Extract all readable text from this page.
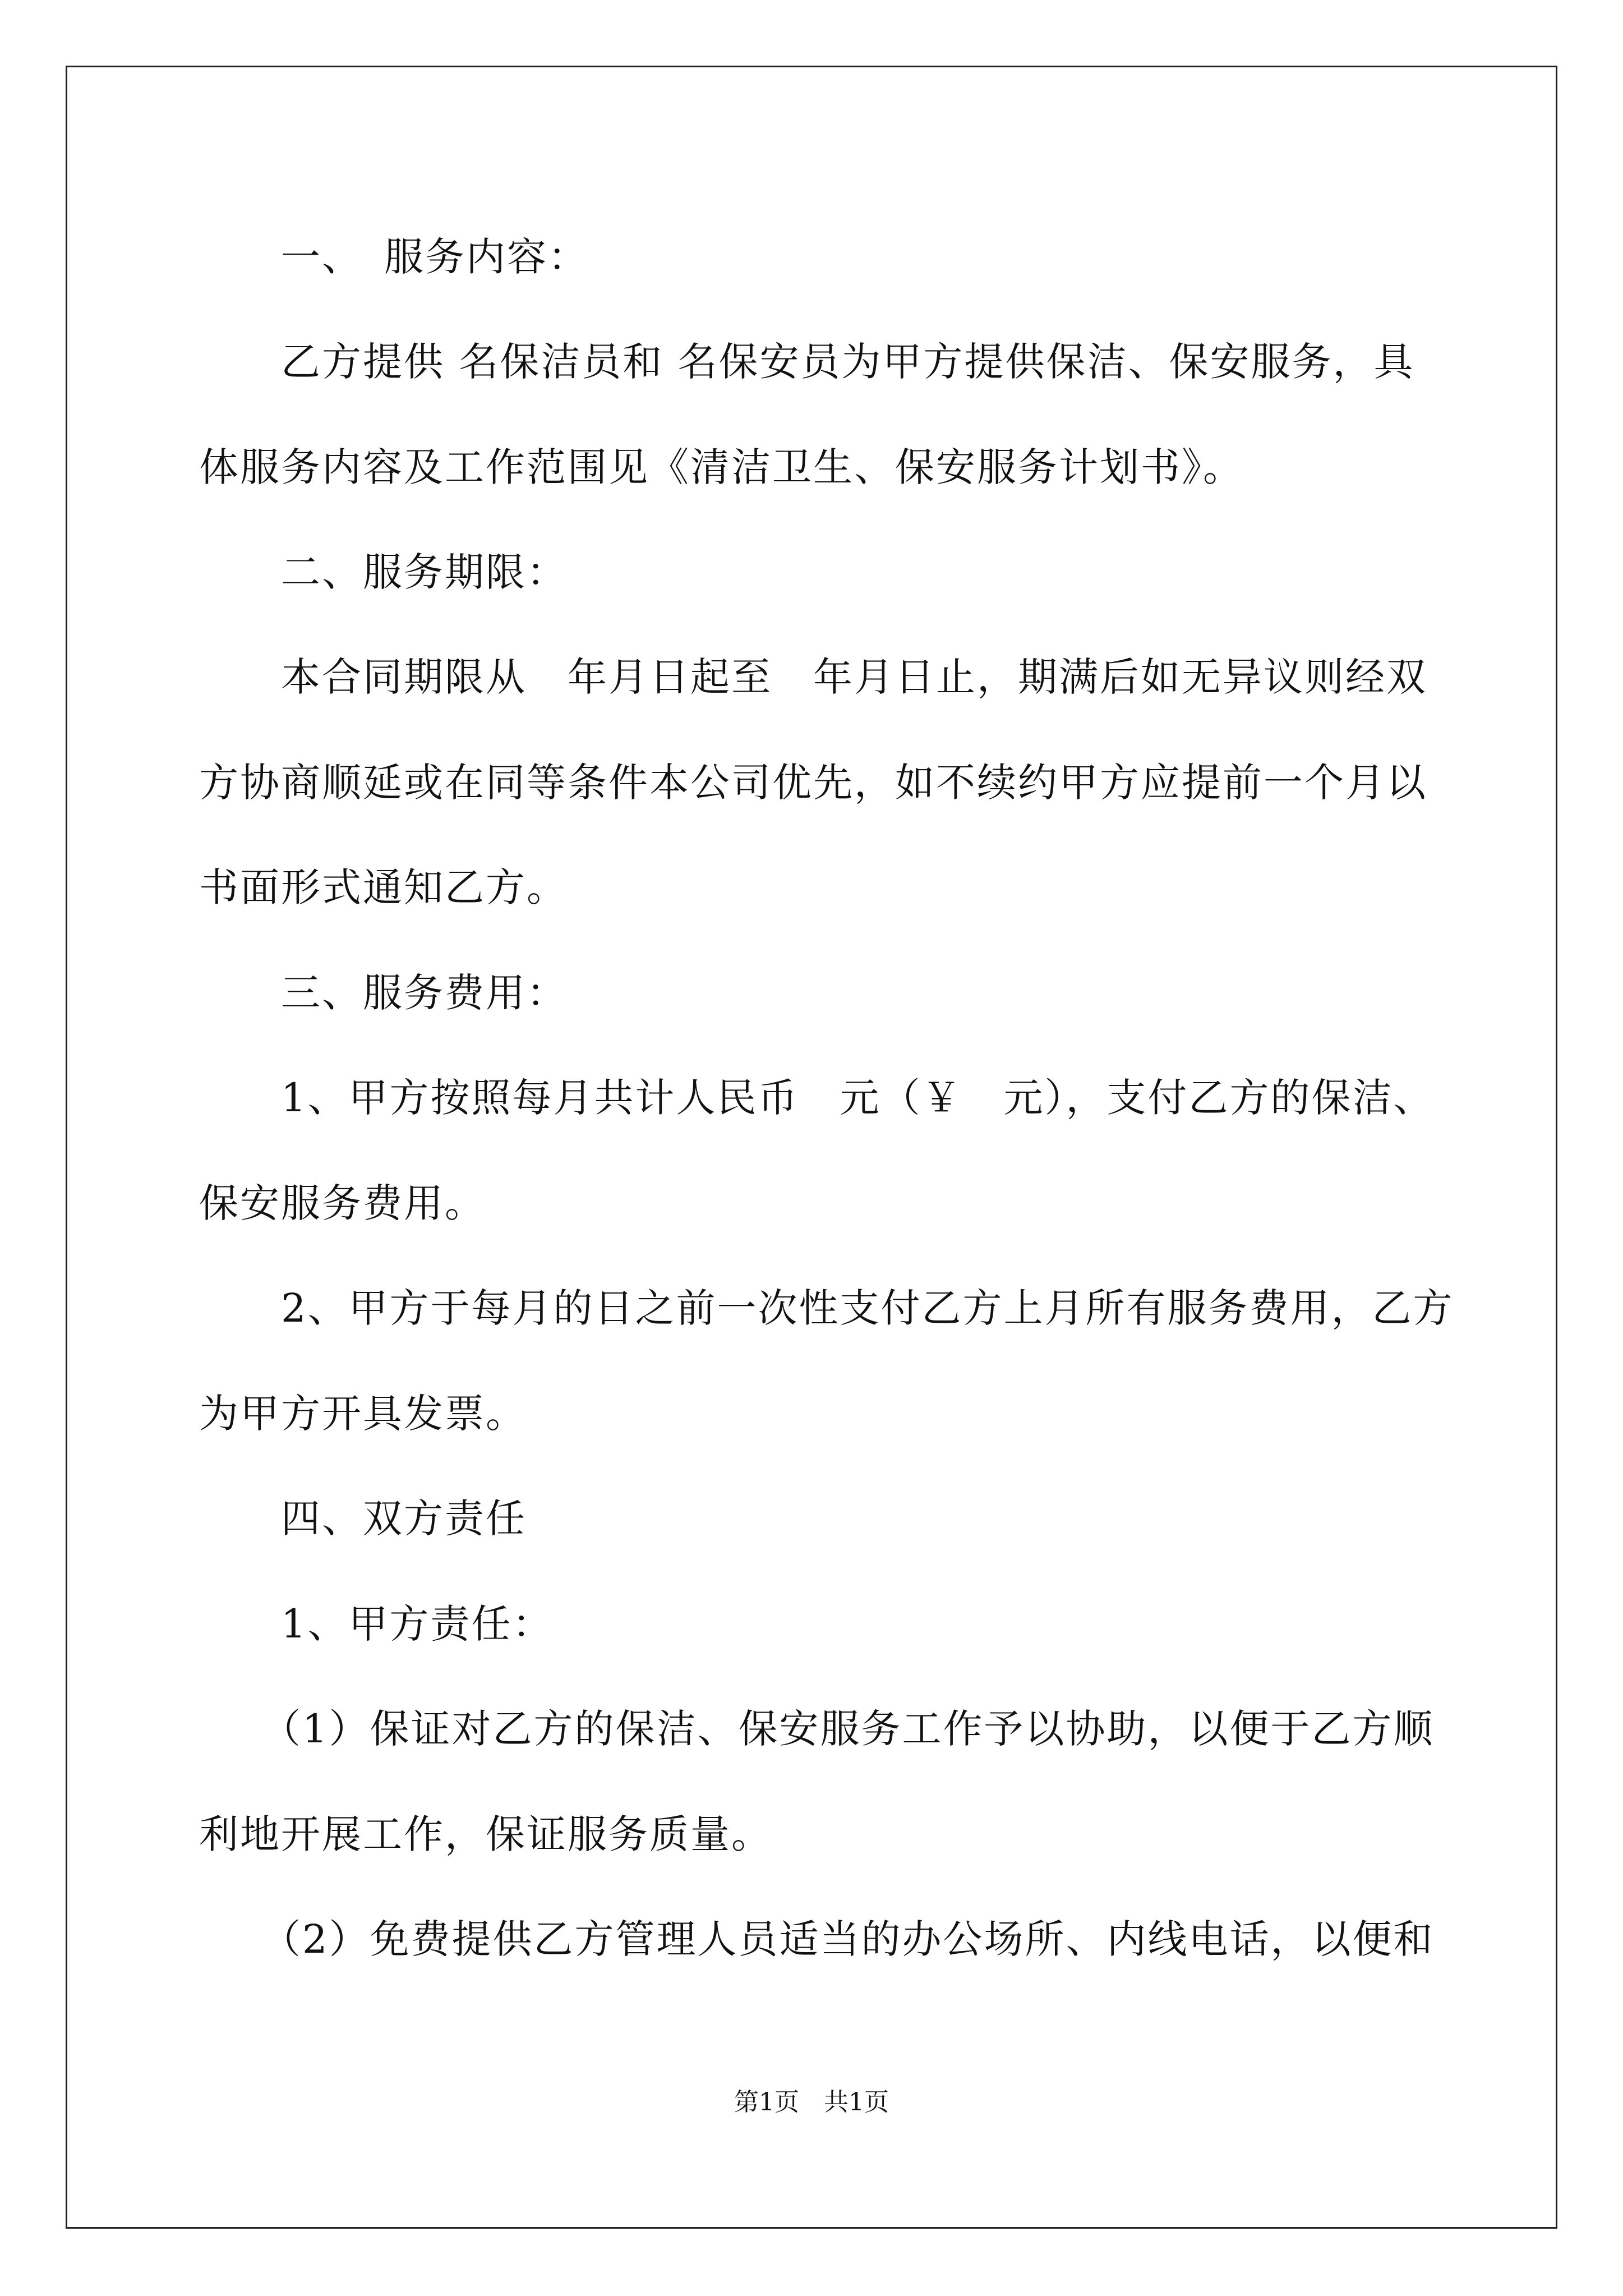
　　一、　服务内容：
　　乙方提供 名保洁员和 名保安员为甲方提供保洁、保安服务，具
体服务内容及工作范围见《清洁卫生、保安服务计划书》。
　　二、服务期限：
　　本合同期限从　年月日起至　年月日止，期满后如无异议则经双
方协商顺延或在同等条件本公司优先，如不续约甲方应提前一个月以
书面形式通知乙方。
　　三、服务费用：
　　1、甲方按照每月共计人民币　元（￥　元），支付乙方的保洁、
保安服务费用。
　　2、甲方于每月的日之前一次性支付乙方上月所有服务费用，乙方
为甲方开具发票。
　　四、双方责任
　　1、甲方责任：
　　（1）保证对乙方的保洁、保安服务工作予以协助，以便于乙方顺
利地开展工作，保证服务质量。
　　（2）免费提供乙方管理人员适当的办公场所、内线电话，以便和
第1页　共1页
